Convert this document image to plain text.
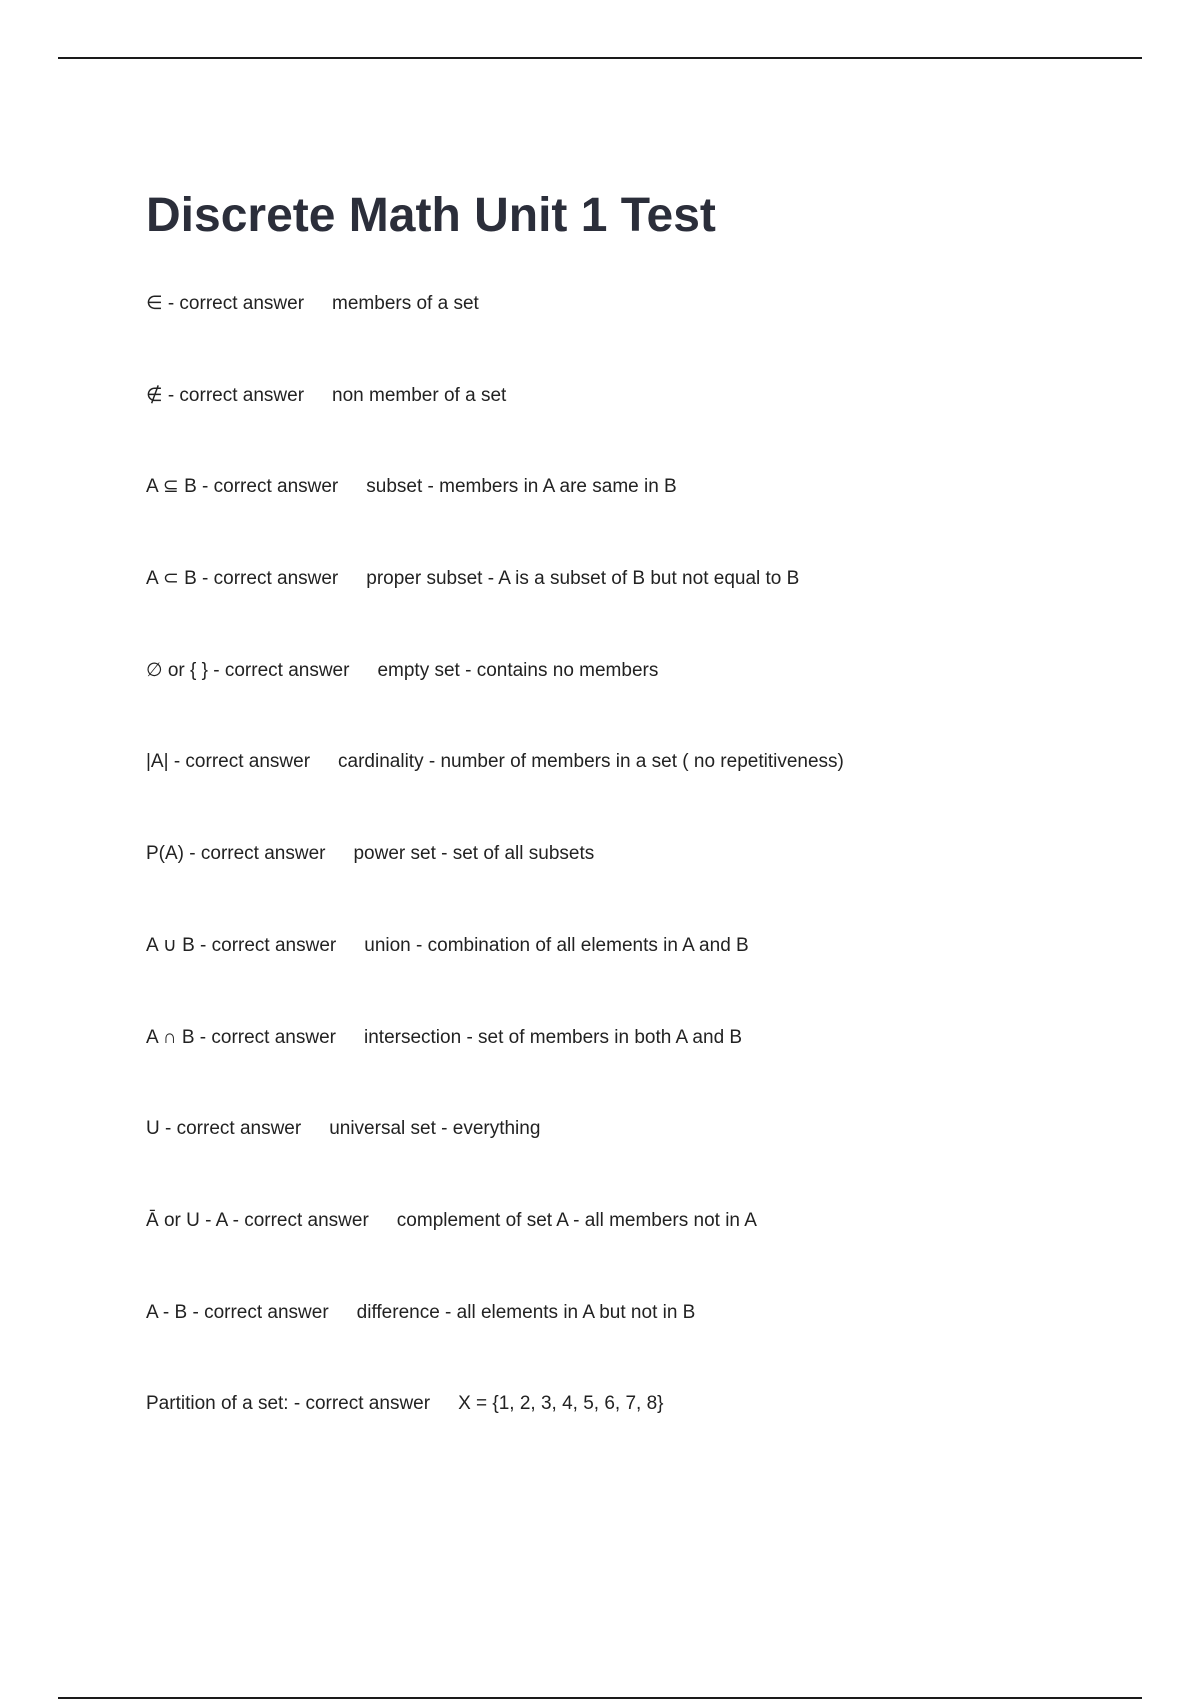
Discrete Math Unit 1 Test
∈ - correct answer members of a set
∉ - correct answer non member of a set
A ⊆ B - correct answer subset - members in A are same in B
A ⊂ B - correct answer proper subset - A is a subset of B but not equal to B
∅ or { } - correct answer empty set - contains no members
|A| - correct answer cardinality - number of members in a set ( no repetitiveness)
P(A) - correct answer power set - set of all subsets
A ∪ B - correct answer union - combination of all elements in A and B
A ∩ B - correct answer intersection - set of members in both A and B
U - correct answer universal set - everything
Ā or U - A - correct answer complement of set A - all members not in A
A - B - correct answer difference - all elements in A but not in B
Partition of a set: - correct answer X = {1, 2, 3, 4, 5, 6, 7, 8}
